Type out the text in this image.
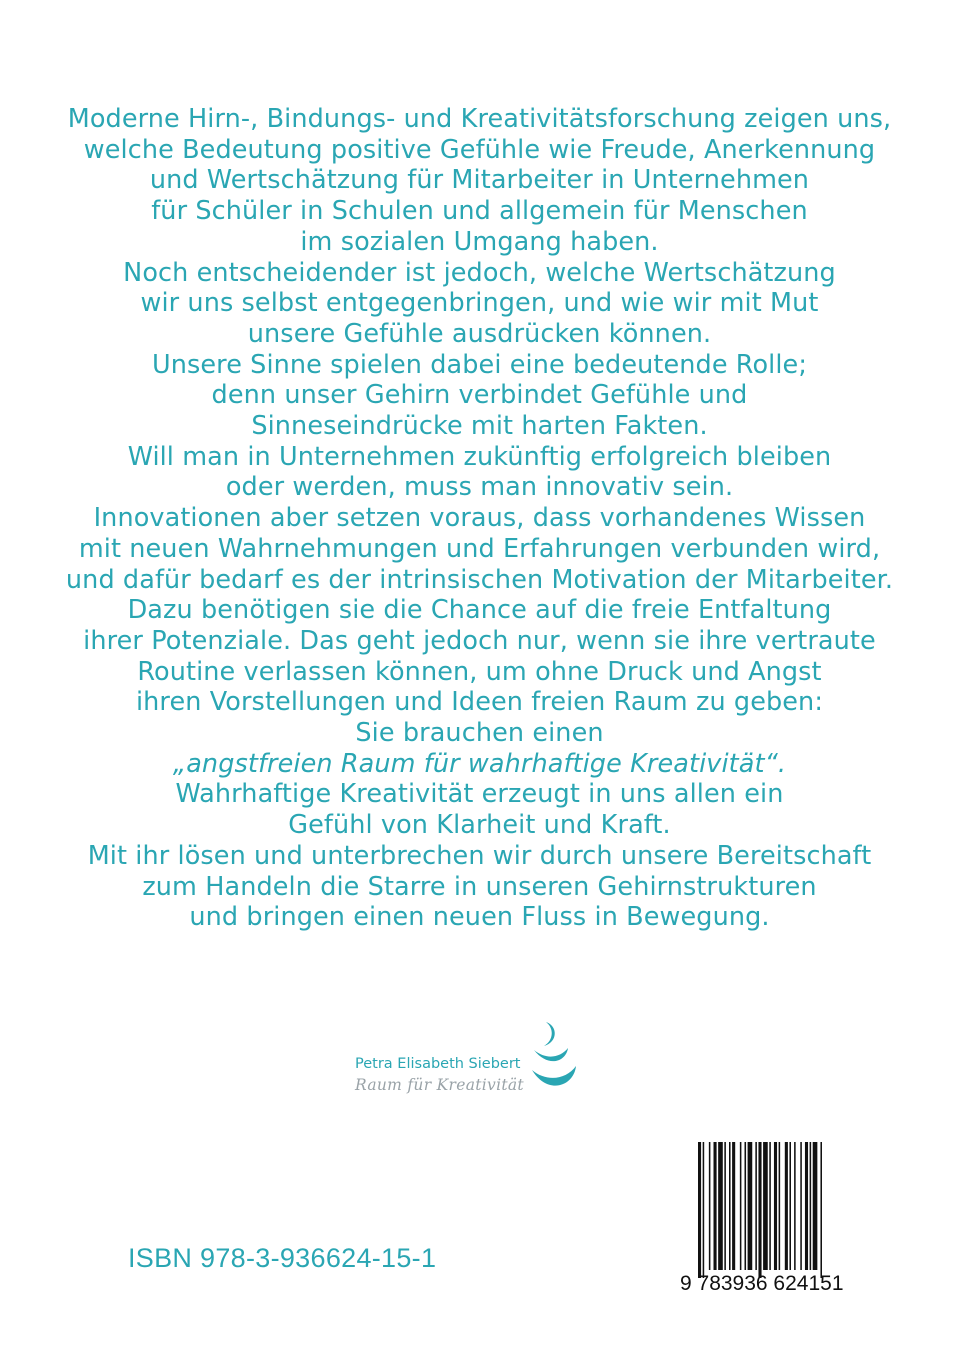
Moderne Hirn-, Bindungs- und Kreativitätsforschung zeigen uns,
welche Bedeutung positive Gefühle wie Freude, Anerkennung
und Wertschätzung für Mitarbeiter in Unternehmen
für Schüler in Schulen und allgemein für Menschen
im sozialen Umgang haben.
Noch entscheidender ist jedoch, welche Wertschätzung
wir uns selbst entgegenbringen, und wie wir mit Mut
unsere Gefühle ausdrücken können.
Unsere Sinne spielen dabei eine bedeutende Rolle;
denn unser Gehirn verbindet Gefühle und
Sinneseindrücke mit harten Fakten.
Will man in Unternehmen zukünftig erfolgreich bleiben
oder werden, muss man innovativ sein.
Innovationen aber setzen voraus, dass vorhandenes Wissen
mit neuen Wahrnehmungen und Erfahrungen verbunden wird,
und dafür bedarf es der intrinsischen Motivation der Mitarbeiter.
Dazu benötigen sie die Chance auf die freie Entfaltung
ihrer Potenziale. Das geht jedoch nur, wenn sie ihre vertraute
Routine verlassen können, um ohne Druck und Angst
ihren Vorstellungen und Ideen freien Raum zu geben:
Sie brauchen einen
„angstfreien Raum für wahrhaftige Kreativität“.
Wahrhaftige Kreativität erzeugt in uns allen ein
Gefühl von Klarheit und Kraft.
Mit ihr lösen und unterbrechen wir durch unsere Bereitschaft
zum Handeln die Starre in unseren Gehirnstrukturen
und bringen einen neuen Fluss in Bewegung.
Petra Elisabeth Siebert
Raum für Kreativität
ISBN 978-3-936624-15-1
9 783936 624151
